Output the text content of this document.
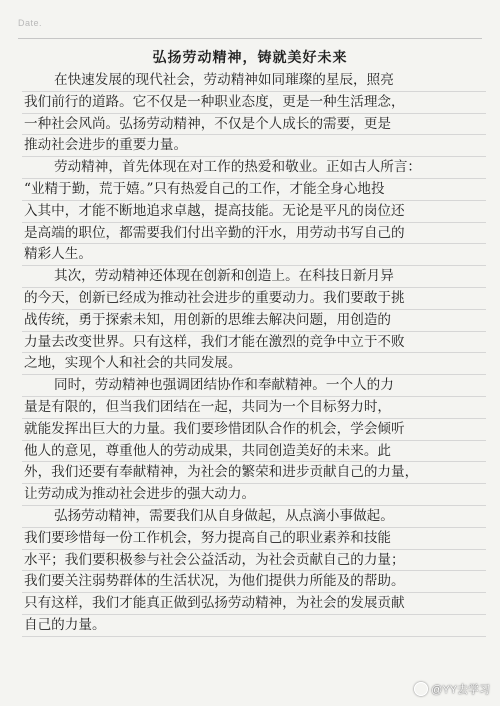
Date.
弘扬劳动精神，铸就美好未来
在快速发展的现代社会，劳动精神如同璀璨的星辰，照亮
我们前行的道路。它不仅是一种职业态度，更是一种生活理念，
一种社会风尚。弘扬劳动精神，不仅是个人成长的需要，更是
推动社会进步的重要力量。
劳动精神，首先体现在对工作的热爱和敬业。正如古人所言：
“业精于勤，荒于嬉。”只有热爱自己的工作，才能全身心地投
入其中，才能不断地追求卓越，提高技能。无论是平凡的岗位还
是高端的职位，都需要我们付出辛勤的汗水，用劳动书写自己的
精彩人生。
其次，劳动精神还体现在创新和创造上。在科技日新月异
的今天，创新已经成为推动社会进步的重要动力。我们要敢于挑
战传统，勇于探索未知，用创新的思维去解决问题，用创造的
力量去改变世界。只有这样，我们才能在激烈的竞争中立于不败
之地，实现个人和社会的共同发展。
同时，劳动精神也强调团结协作和奉献精神。一个人的力
量是有限的，但当我们团结在一起，共同为一个目标努力时，
就能发挥出巨大的力量。我们要珍惜团队合作的机会，学会倾听
他人的意见，尊重他人的劳动成果，共同创造美好的未来。此
外，我们还要有奉献精神，为社会的繁荣和进步贡献自己的力量，
让劳动成为推动社会进步的强大动力。
弘扬劳动精神，需要我们从自身做起，从点滴小事做起。
我们要珍惜每一份工作机会，努力提高自己的职业素养和技能
水平；我们要积极参与社会公益活动，为社会贡献自己的力量；
我们要关注弱势群体的生活状况，为他们提供力所能及的帮助。
只有这样，我们才能真正做到弘扬劳动精神，为社会的发展贡献
自己的力量。
@YY去学习
